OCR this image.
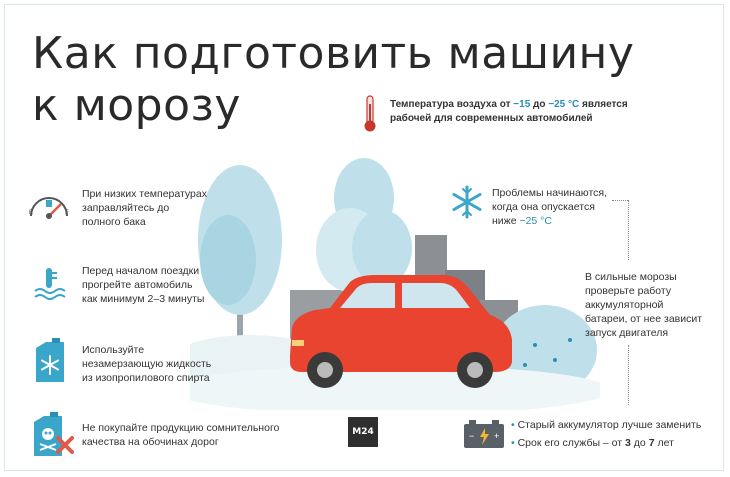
Как подготовить машину
к морозу	Температура воздуха от −15 до −25 °С является
рабочей для современных автомобилей
Проблемы начинаются,
когда она опускается
ниже −25 °С
В сильные морозы
проверьте работу
аккумуляторной
батареи, от нее зависит
запуск двигателя
E	F
При низких температурах
заправляйтесь до
полного бака
Перед началом поездки
прогрейте автомобиль
как минимум 2–3 минуты
Используйте
незамерзающую жидкость
из изопропилового спирта
Не покупайте продукцию сомнительного
качества на обочинах дорог
M24	− +
• Старый аккумулятор лучше заменить
• Срок его службы – от 3 до 7 лет
